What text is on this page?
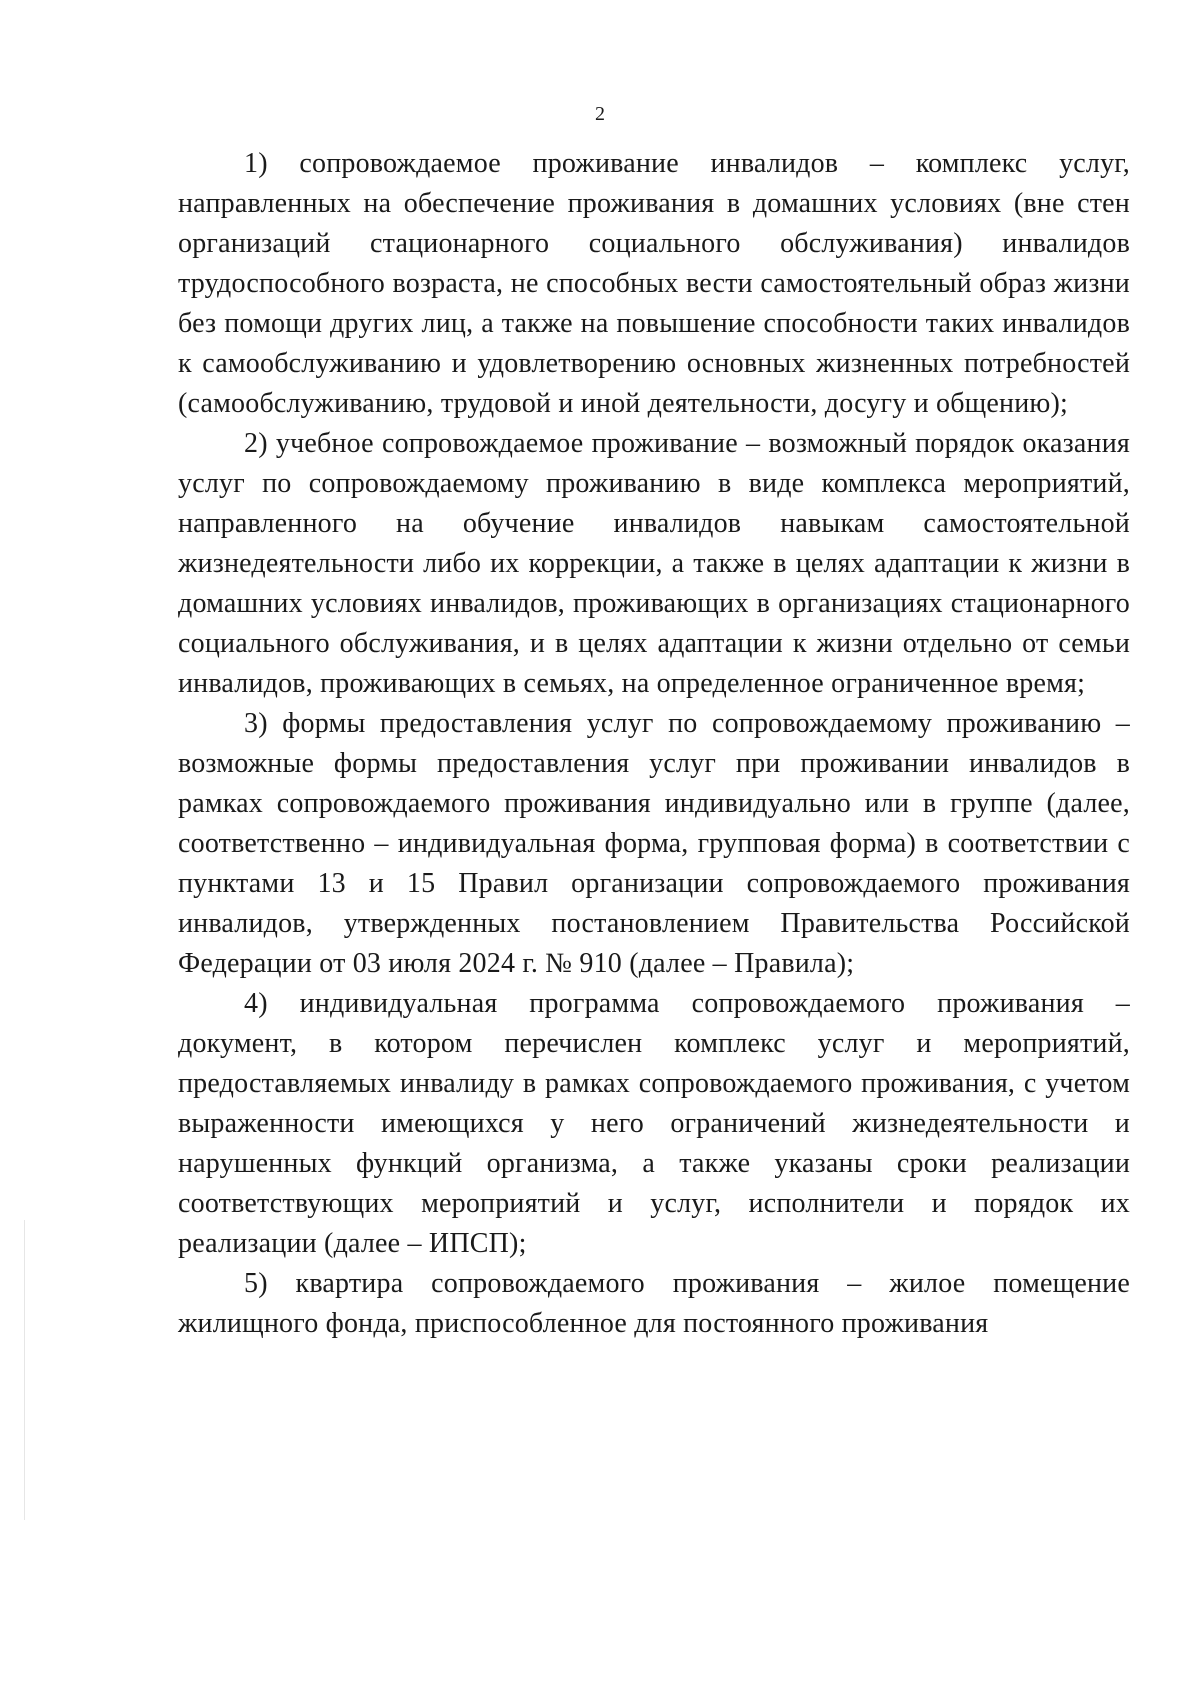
2

1) сопровождаемое проживание инвалидов – комплекс услуг, направленных на обеспечение проживания в домашних условиях (вне стен организаций стационарного социального обслуживания) инвалидов трудоспособного возраста, не способных вести самостоятельный образ жизни без помощи других лиц, а также на повышение способности таких инвалидов к самообслуживанию и удовлетворению основных жизненных потребностей (самообслуживанию, трудовой и иной деятельности, досугу и общению);

2) учебное сопровождаемое проживание – возможный порядок оказания услуг по сопровождаемому проживанию в виде комплекса мероприятий, направленного на обучение инвалидов навыкам самостоятельной жизнедеятельности либо их коррекции, а также в целях адаптации к жизни в домашних условиях инвалидов, проживающих в организациях стационарного социального обслуживания, и в целях адаптации к жизни отдельно от семьи инвалидов, проживающих в семьях, на определенное ограниченное время;

3) формы предоставления услуг по сопровождаемому проживанию – возможные формы предоставления услуг при проживании инвалидов в рамках сопровождаемого проживания индивидуально или в группе (далее, соответственно – индивидуальная форма, групповая форма) в соответствии с пунктами 13 и 15 Правил организации сопровождаемого проживания инвалидов, утвержденных постановлением Правительства Российской Федерации от 03 июля 2024 г. № 910 (далее – Правила);

4) индивидуальная программа сопровождаемого проживания – документ, в котором перечислен комплекс услуг и мероприятий, предоставляемых инвалиду в рамках сопровождаемого проживания, с учетом выраженности имеющихся у него ограничений жизнедеятельности и нарушенных функций организма, а также указаны сроки реализации соответствующих мероприятий и услуг, исполнители и порядок их реализации (далее – ИПСП);

5) квартира сопровождаемого проживания – жилое помещение жилищного фонда, приспособленное для постоянного проживания
